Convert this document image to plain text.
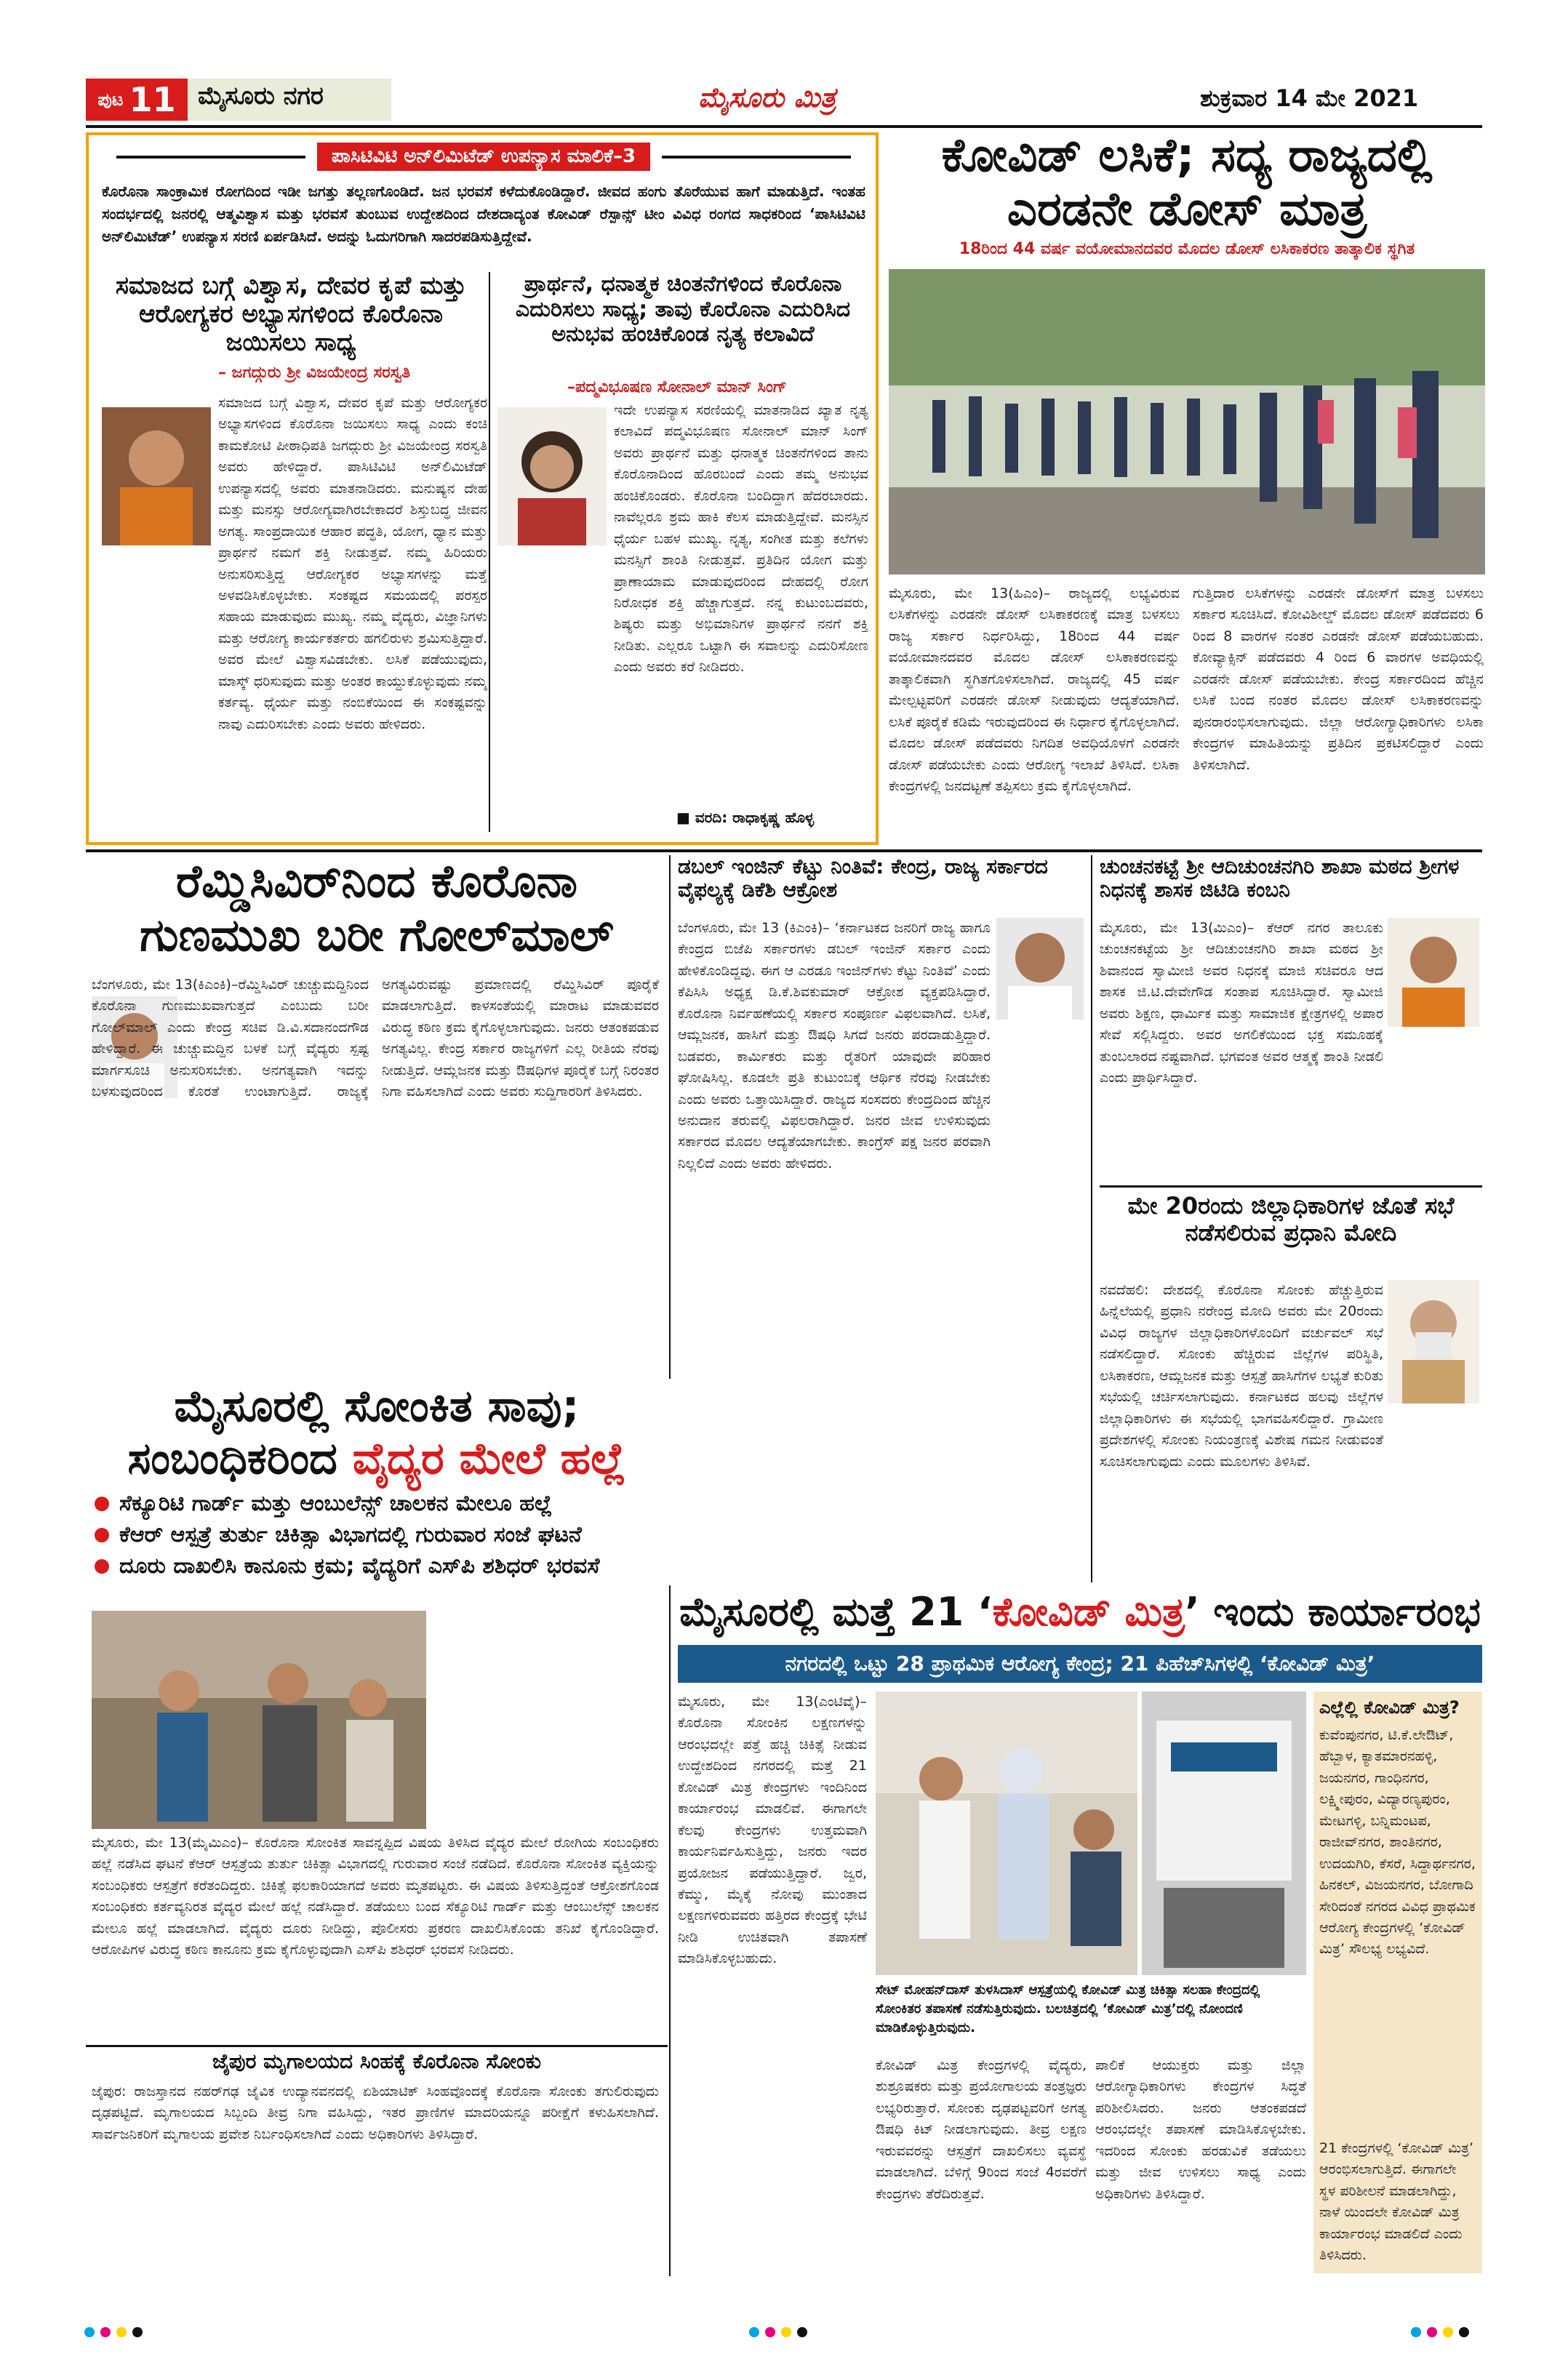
ಪುಟ 11 ಮೈಸೂರು ನಗರ	ಮೈಸೂರು ಮಿತ್ರ	ಶುಕ್ರವಾರ 14 ಮೇ 2021
ಪಾಸಿಟಿವಿಟಿ ಅನ್‌ಲಿಮಿಟೆಡ್ ಉಪನ್ಯಾಸ ಮಾಲಿಕೆ–3
ಕೊರೊನಾ ಸಾಂಕ್ರಾಮಿಕ ರೋಗದಿಂದ ಇಡೀ ಜಗತ್ತು ತಲ್ಲಣಗೊಂಡಿದೆ. ಜನ ಭರವಸೆ ಕಳೆದುಕೊಂಡಿದ್ದಾರೆ. ಜೀವದ ಹಂಗು ತೊರೆಯುವ ಹಾಗೆ ಮಾಡುತ್ತಿದೆ. ಇಂತಹ ಸಂದರ್ಭದಲ್ಲಿ ಜನರಲ್ಲಿ ಆತ್ಮವಿಶ್ವಾಸ ಮತ್ತು ಭರವಸೆ ತುಂಬುವ ಉದ್ದೇಶದಿಂದ ದೇಶದಾದ್ಯಂತ ಕೋವಿಡ್ ರೆಸ್ಪಾನ್ಸ್ ಟೀಂ ವಿವಿಧ ರಂಗದ ಸಾಧಕರಿಂದ ‘ಪಾಸಿಟಿವಿಟಿ ಅನ್‌ಲಿಮಿಟೆಡ್’ ಉಪನ್ಯಾಸ ಸರಣಿ ಏರ್ಪಡಿಸಿದೆ. ಅದನ್ನು ಓದುಗರಿಗಾಗಿ ಸಾದರಪಡಿಸುತ್ತಿದ್ದೇವೆ.
ಸಮಾಜದ ಬಗ್ಗೆ ವಿಶ್ವಾಸ, ದೇವರ ಕೃಪೆ ಮತ್ತು ಆರೋಗ್ಯಕರ ಅಭ್ಯಾಸಗಳಿಂದ ಕೊರೊನಾ ಜಯಿಸಲು ಸಾಧ್ಯ
– ಜಗದ್ಗುರು ಶ್ರೀ ವಿಜಯೇಂದ್ರ ಸರಸ್ವತಿ
ಸಮಾಜದ ಬಗ್ಗೆ ವಿಶ್ವಾಸ, ದೇವರ ಕೃಪೆ ಮತ್ತು ಆರೋಗ್ಯಕರ ಅಭ್ಯಾಸಗಳಿಂದ ಕೊರೊನಾ ಜಯಿಸಲು ಸಾಧ್ಯ ಎಂದು ಕಂಚಿ ಕಾಮಕೋಟಿ ಪೀಠಾಧಿಪತಿ ಜಗದ್ಗುರು ಶ್ರೀ ವಿಜಯೇಂದ್ರ ಸರಸ್ವತಿ ಅವರು ಹೇಳಿದ್ದಾರೆ. ಪಾಸಿಟಿವಿಟಿ ಅನ್‌ಲಿಮಿಟೆಡ್ ಉಪನ್ಯಾಸದಲ್ಲಿ ಅವರು ಮಾತನಾಡಿದರು. ಮನುಷ್ಯನ ದೇಹ ಮತ್ತು ಮನಸ್ಸು ಆರೋಗ್ಯವಾಗಿರಬೇಕಾದರೆ ಶಿಸ್ತುಬದ್ಧ ಜೀವನ ಅಗತ್ಯ. ಸಾಂಪ್ರದಾಯಿಕ ಆಹಾರ ಪದ್ಧತಿ, ಯೋಗ, ಧ್ಯಾನ ಮತ್ತು ಪ್ರಾರ್ಥನೆ ನಮಗೆ ಶಕ್ತಿ ನೀಡುತ್ತವೆ. ನಮ್ಮ ಹಿರಿಯರು ಅನುಸರಿಸುತ್ತಿದ್ದ ಆರೋಗ್ಯಕರ ಅಭ್ಯಾಸಗಳನ್ನು ಮತ್ತೆ ಅಳವಡಿಸಿಕೊಳ್ಳಬೇಕು. ಸಂಕಷ್ಟದ ಸಮಯದಲ್ಲಿ ಪರಸ್ಪರ ಸಹಾಯ ಮಾಡುವುದು ಮುಖ್ಯ. ನಮ್ಮ ವೈದ್ಯರು, ವಿಜ್ಞಾನಿಗಳು ಮತ್ತು ಆರೋಗ್ಯ ಕಾರ್ಯಕರ್ತರು ಹಗಲಿರುಳು ಶ್ರಮಿಸುತ್ತಿದ್ದಾರೆ. ಅವರ ಮೇಲೆ ವಿಶ್ವಾಸವಿಡಬೇಕು. ಲಸಿಕೆ ಪಡೆಯುವುದು, ಮಾಸ್ಕ್ ಧರಿಸುವುದು ಮತ್ತು ಅಂತರ ಕಾಯ್ದುಕೊಳ್ಳುವುದು ನಮ್ಮ ಕರ್ತವ್ಯ. ಧೈರ್ಯ ಮತ್ತು ನಂಬಿಕೆಯಿಂದ ಈ ಸಂಕಷ್ಟವನ್ನು ನಾವು ಎದುರಿಸಬೇಕು ಎಂದು ಅವರು ಹೇಳಿದರು.
ಪ್ರಾರ್ಥನೆ, ಧನಾತ್ಮಕ ಚಿಂತನೆಗಳಿಂದ ಕೊರೊನಾ ಎದುರಿಸಲು ಸಾಧ್ಯ; ತಾವು ಕೊರೊನಾ ಎದುರಿಸಿದ ಅನುಭವ ಹಂಚಿಕೊಂಡ ನೃತ್ಯ ಕಲಾವಿದೆ
–ಪದ್ಮವಿಭೂಷಣ ಸೋನಾಲ್ ಮಾನ್ ಸಿಂಗ್
ಇದೇ ಉಪನ್ಯಾಸ ಸರಣಿಯಲ್ಲಿ ಮಾತನಾಡಿದ ಖ್ಯಾತ ನೃತ್ಯ ಕಲಾವಿದೆ ಪದ್ಮವಿಭೂಷಣ ಸೋನಾಲ್ ಮಾನ್ ಸಿಂಗ್ ಅವರು ಪ್ರಾರ್ಥನೆ ಮತ್ತು ಧನಾತ್ಮಕ ಚಿಂತನೆಗಳಿಂದ ತಾನು ಕೊರೊನಾದಿಂದ ಹೊರಬಂದೆ ಎಂದು ತಮ್ಮ ಅನುಭವ ಹಂಚಿಕೊಂಡರು. ಕೊರೊನಾ ಬಂದಿದ್ದಾಗ ಹೆದರಬಾರದು. ನಾವೆಲ್ಲರೂ ಶ್ರಮ ಹಾಕಿ ಕೆಲಸ ಮಾಡುತ್ತಿದ್ದೇವೆ. ಮನಸ್ಸಿನ ಧೈರ್ಯ ಬಹಳ ಮುಖ್ಯ. ನೃತ್ಯ, ಸಂಗೀತ ಮತ್ತು ಕಲೆಗಳು ಮನಸ್ಸಿಗೆ ಶಾಂತಿ ನೀಡುತ್ತವೆ. ಪ್ರತಿದಿನ ಯೋಗ ಮತ್ತು ಪ್ರಾಣಾಯಾಮ ಮಾಡುವುದರಿಂದ ದೇಹದಲ್ಲಿ ರೋಗ ನಿರೋಧಕ ಶಕ್ತಿ ಹೆಚ್ಚಾಗುತ್ತದೆ. ನನ್ನ ಕುಟುಂಬದವರು, ಶಿಷ್ಯರು ಮತ್ತು ಅಭಿಮಾನಿಗಳ ಪ್ರಾರ್ಥನೆ ನನಗೆ ಶಕ್ತಿ ನೀಡಿತು. ಎಲ್ಲರೂ ಒಟ್ಟಾಗಿ ಈ ಸವಾಲನ್ನು ಎದುರಿಸೋಣ ಎಂದು ಅವರು ಕರೆ ನೀಡಿದರು.
■ ವರದಿ: ರಾಧಾಕೃಷ್ಣ ಹೊಳ್ಳ
ಕೋವಿಡ್ ಲಸಿಕೆ; ಸದ್ಯ ರಾಜ್ಯದಲ್ಲಿ
ಎರಡನೇ ಡೋಸ್ ಮಾತ್ರ
18ರಿಂದ 44 ವರ್ಷ ವಯೋಮಾನದವರ ಮೊದಲ ಡೋಸ್ ಲಸಿಕಾಕರಣ ತಾತ್ಕಾಲಿಕ ಸ್ಥಗಿತ
ಮೈಸೂರು, ಮೇ 13(ಹಿಎಂ)– ರಾಜ್ಯದಲ್ಲಿ ಲಭ್ಯವಿರುವ ಲಸಿಕೆಗಳನ್ನು ಎರಡನೇ ಡೋಸ್ ಲಸಿಕಾಕರಣಕ್ಕೆ ಮಾತ್ರ ಬಳಸಲು ರಾಜ್ಯ ಸರ್ಕಾರ ನಿರ್ಧರಿಸಿದ್ದು, 18ರಿಂದ 44 ವರ್ಷ ವಯೋಮಾನದವರ ಮೊದಲ ಡೋಸ್ ಲಸಿಕಾಕರಣವನ್ನು ತಾತ್ಕಾಲಿಕವಾಗಿ ಸ್ಥಗಿತಗೊಳಿಸಲಾಗಿದೆ. ರಾಜ್ಯದಲ್ಲಿ 45 ವರ್ಷ ಮೇಲ್ಪಟ್ಟವರಿಗೆ ಎರಡನೇ ಡೋಸ್ ನೀಡುವುದು ಆದ್ಯತೆಯಾಗಿದೆ. ಲಸಿಕೆ ಪೂರೈಕೆ ಕಡಿಮೆ ಇರುವುದರಿಂದ ಈ ನಿರ್ಧಾರ ಕೈಗೊಳ್ಳಲಾಗಿದೆ. ಮೊದಲ ಡೋಸ್ ಪಡೆದವರು ನಿಗದಿತ ಅವಧಿಯೊಳಗೆ ಎರಡನೇ ಡೋಸ್ ಪಡೆಯಬೇಕು ಎಂದು ಆರೋಗ್ಯ ಇಲಾಖೆ ತಿಳಿಸಿದೆ. ಲಸಿಕಾ ಕೇಂದ್ರಗಳಲ್ಲಿ ಜನದಟ್ಟಣೆ ತಪ್ಪಿಸಲು ಕ್ರಮ ಕೈಗೊಳ್ಳಲಾಗಿದೆ.
ಗುತ್ತಿದಾರ ಲಸಿಕೆಗಳನ್ನು ಎರಡನೇ ಡೋಸ್‌ಗೆ ಮಾತ್ರ ಬಳಸಲು ಸರ್ಕಾರ ಸೂಚಿಸಿದೆ. ಕೋವಿಶೀಲ್ಡ್ ಮೊದಲ ಡೋಸ್ ಪಡೆದವರು 6 ರಿಂದ 8 ವಾರಗಳ ನಂತರ ಎರಡನೇ ಡೋಸ್ ಪಡೆಯಬಹುದು. ಕೋವ್ಯಾಕ್ಸಿನ್ ಪಡೆದವರು 4 ರಿಂದ 6 ವಾರಗಳ ಅವಧಿಯಲ್ಲಿ ಎರಡನೇ ಡೋಸ್ ಪಡೆಯಬೇಕು. ಕೇಂದ್ರ ಸರ್ಕಾರದಿಂದ ಹೆಚ್ಚಿನ ಲಸಿಕೆ ಬಂದ ನಂತರ ಮೊದಲ ಡೋಸ್ ಲಸಿಕಾಕರಣವನ್ನು ಪುನರಾರಂಭಿಸಲಾಗುವುದು. ಜಿಲ್ಲಾ ಆರೋಗ್ಯಾಧಿಕಾರಿಗಳು ಲಸಿಕಾ ಕೇಂದ್ರಗಳ ಮಾಹಿತಿಯನ್ನು ಪ್ರತಿದಿನ ಪ್ರಕಟಿಸಲಿದ್ದಾರೆ ಎಂದು ತಿಳಿಸಲಾಗಿದೆ.
ರೆಮ್ಡಿಸಿವಿರ್‌ನಿಂದ ಕೊರೊನಾ
ಗುಣಮುಖ ಬರೀ ಗೋಲ್‌ಮಾಲ್
ಬೆಂಗಳೂರು, ಮೇ 13(ಕಿಎಂಕಿ)–ರೆಮ್ಡಿಸಿವಿರ್ ಚುಚ್ಚುಮದ್ದಿನಿಂದ ಕೊರೊನಾ ಗುಣಮುಖವಾಗುತ್ತದೆ ಎಂಬುದು ಬರೀ ಗೋಲ್‌ಮಾಲ್ ಎಂದು ಕೇಂದ್ರ ಸಚಿವ ಡಿ.ವಿ.ಸದಾನಂದಗೌಡ ಹೇಳಿದ್ದಾರೆ. ಈ ಚುಚ್ಚುಮದ್ದಿನ ಬಳಕೆ ಬಗ್ಗೆ ವೈದ್ಯರು ಸ್ಪಷ್ಟ ಮಾರ್ಗಸೂಚಿ ಅನುಸರಿಸಬೇಕು. ಅನಗತ್ಯವಾಗಿ ಇದನ್ನು ಬಳಸುವುದರಿಂದ ಕೊರತೆ ಉಂಟಾಗುತ್ತಿದೆ. ರಾಜ್ಯಕ್ಕೆ ಅಗತ್ಯವಿರುವಷ್ಟು ಪ್ರಮಾಣದಲ್ಲಿ ರೆಮ್ಡಿಸಿವಿರ್ ಪೂರೈಕೆ ಮಾಡಲಾಗುತ್ತಿದೆ. ಕಾಳಸಂತೆಯಲ್ಲಿ ಮಾರಾಟ ಮಾಡುವವರ ವಿರುದ್ಧ ಕಠಿಣ ಕ್ರಮ ಕೈಗೊಳ್ಳಲಾಗುವುದು. ಜನರು ಆತಂಕಪಡುವ ಅಗತ್ಯವಿಲ್ಲ. ಕೇಂದ್ರ ಸರ್ಕಾರ ರಾಜ್ಯಗಳಿಗೆ ಎಲ್ಲ ರೀತಿಯ ನೆರವು ನೀಡುತ್ತಿದೆ. ಆಮ್ಲಜನಕ ಮತ್ತು ಔಷಧಿಗಳ ಪೂರೈಕೆ ಬಗ್ಗೆ ನಿರಂತರ ನಿಗಾ ವಹಿಸಲಾಗಿದೆ ಎಂದು ಅವರು ಸುದ್ದಿಗಾರರಿಗೆ ತಿಳಿಸಿದರು.
ಡಬಲ್ ಇಂಜಿನ್ ಕೆಟ್ಟು ನಿಂತಿವೆ: ಕೇಂದ್ರ, ರಾಜ್ಯ ಸರ್ಕಾರದ ವೈಫಲ್ಯಕ್ಕೆ ಡಿಕೆಶಿ ಆಕ್ರೋಶ
ಬೆಂಗಳೂರು, ಮೇ 13 (ಕಿಎಂಕಿ)– ‘ಕರ್ನಾಟಕದ ಜನರಿಗೆ ರಾಜ್ಯ ಹಾಗೂ ಕೇಂದ್ರದ ಬಿಜೆಪಿ ಸರ್ಕಾರಗಳು ಡಬಲ್ ಇಂಜಿನ್ ಸರ್ಕಾರ ಎಂದು ಹೇಳಿಕೊಂಡಿದ್ದವು. ಈಗ ಆ ಎರಡೂ ಇಂಜಿನ್‌ಗಳು ಕೆಟ್ಟು ನಿಂತಿವೆ’ ಎಂದು ಕೆಪಿಸಿಸಿ ಅಧ್ಯಕ್ಷ ಡಿ.ಕೆ.ಶಿವಕುಮಾರ್ ಆಕ್ರೋಶ ವ್ಯಕ್ತಪಡಿಸಿದ್ದಾರೆ. ಕೊರೊನಾ ನಿರ್ವಹಣೆಯಲ್ಲಿ ಸರ್ಕಾರ ಸಂಪೂರ್ಣ ವಿಫಲವಾಗಿದೆ. ಲಸಿಕೆ, ಆಮ್ಲಜನಕ, ಹಾಸಿಗೆ ಮತ್ತು ಔಷಧಿ ಸಿಗದೆ ಜನರು ಪರದಾಡುತ್ತಿದ್ದಾರೆ. ಬಡವರು, ಕಾರ್ಮಿಕರು ಮತ್ತು ರೈತರಿಗೆ ಯಾವುದೇ ಪರಿಹಾರ ಘೋಷಿಸಿಲ್ಲ. ಕೂಡಲೇ ಪ್ರತಿ ಕುಟುಂಬಕ್ಕೆ ಆರ್ಥಿಕ ನೆರವು ನೀಡಬೇಕು ಎಂದು ಅವರು ಒತ್ತಾಯಿಸಿದ್ದಾರೆ. ರಾಜ್ಯದ ಸಂಸದರು ಕೇಂದ್ರದಿಂದ ಹೆಚ್ಚಿನ ಅನುದಾನ ತರುವಲ್ಲಿ ವಿಫಲರಾಗಿದ್ದಾರೆ. ಜನರ ಜೀವ ಉಳಿಸುವುದು ಸರ್ಕಾರದ ಮೊದಲ ಆದ್ಯತೆಯಾಗಬೇಕು. ಕಾಂಗ್ರೆಸ್ ಪಕ್ಷ ಜನರ ಪರವಾಗಿ ನಿಲ್ಲಲಿದೆ ಎಂದು ಅವರು ಹೇಳಿದರು.
ಚುಂಚನಕಟ್ಟೆ ಶ್ರೀ ಆದಿಚುಂಚನಗಿರಿ ಶಾಖಾ ಮಠದ ಶ್ರೀಗಳ ನಿಧನಕ್ಕೆ ಶಾಸಕ ಜಿಟಿಡಿ ಕಂಬನಿ
ಮೈಸೂರು, ಮೇ 13(ಮಿಎಂ)– ಕೆಆರ್ ನಗರ ತಾಲೂಕು ಚುಂಚನಕಟ್ಟೆಯ ಶ್ರೀ ಆದಿಚುಂಚನಗಿರಿ ಶಾಖಾ ಮಠದ ಶ್ರೀ ಶಿವಾನಂದ ಸ್ವಾಮೀಜಿ ಅವರ ನಿಧನಕ್ಕೆ ಮಾಜಿ ಸಚಿವರೂ ಆದ ಶಾಸಕ ಜಿ.ಟಿ.ದೇವೇಗೌಡ ಸಂತಾಪ ಸೂಚಿಸಿದ್ದಾರೆ. ಸ್ವಾಮೀಜಿ ಅವರು ಶಿಕ್ಷಣ, ಧಾರ್ಮಿಕ ಮತ್ತು ಸಾಮಾಜಿಕ ಕ್ಷೇತ್ರಗಳಲ್ಲಿ ಅಪಾರ ಸೇವೆ ಸಲ್ಲಿಸಿದ್ದರು. ಅವರ ಅಗಲಿಕೆಯಿಂದ ಭಕ್ತ ಸಮೂಹಕ್ಕೆ ತುಂಬಲಾರದ ನಷ್ಟವಾಗಿದೆ. ಭಗವಂತ ಅವರ ಆತ್ಮಕ್ಕೆ ಶಾಂತಿ ನೀಡಲಿ ಎಂದು ಪ್ರಾರ್ಥಿಸಿದ್ದಾರೆ.
ಮೇ 20ರಂದು ಜಿಲ್ಲಾಧಿಕಾರಿಗಳ ಜೊತೆ ಸಭೆ ನಡೆಸಲಿರುವ ಪ್ರಧಾನಿ ಮೋದಿ
ನವದೆಹಲಿ: ದೇಶದಲ್ಲಿ ಕೊರೊನಾ ಸೋಂಕು ಹೆಚ್ಚುತ್ತಿರುವ ಹಿನ್ನೆಲೆಯಲ್ಲಿ ಪ್ರಧಾನಿ ನರೇಂದ್ರ ಮೋದಿ ಅವರು ಮೇ 20ರಂದು ವಿವಿಧ ರಾಜ್ಯಗಳ ಜಿಲ್ಲಾಧಿಕಾರಿಗಳೊಂದಿಗೆ ವರ್ಚುವಲ್ ಸಭೆ ನಡೆಸಲಿದ್ದಾರೆ. ಸೋಂಕು ಹೆಚ್ಚಿರುವ ಜಿಲ್ಲೆಗಳ ಪರಿಸ್ಥಿತಿ, ಲಸಿಕಾಕರಣ, ಆಮ್ಲಜನಕ ಮತ್ತು ಆಸ್ಪತ್ರೆ ಹಾಸಿಗೆಗಳ ಲಭ್ಯತೆ ಕುರಿತು ಸಭೆಯಲ್ಲಿ ಚರ್ಚಿಸಲಾಗುವುದು. ಕರ್ನಾಟಕದ ಹಲವು ಜಿಲ್ಲೆಗಳ ಜಿಲ್ಲಾಧಿಕಾರಿಗಳು ಈ ಸಭೆಯಲ್ಲಿ ಭಾಗವಹಿಸಲಿದ್ದಾರೆ. ಗ್ರಾಮೀಣ ಪ್ರದೇಶಗಳಲ್ಲಿ ಸೋಂಕು ನಿಯಂತ್ರಣಕ್ಕೆ ವಿಶೇಷ ಗಮನ ನೀಡುವಂತೆ ಸೂಚಿಸಲಾಗುವುದು ಎಂದು ಮೂಲಗಳು ತಿಳಿಸಿವೆ.
ಮೈಸೂರಲ್ಲಿ ಸೋಂಕಿತ ಸಾವು;
ಸಂಬಂಧಿಕರಿಂದ ವೈದ್ಯರ ಮೇಲೆ ಹಲ್ಲೆ
ಸೆಕ್ಯೂರಿಟಿ ಗಾರ್ಡ್ ಮತ್ತು ಆಂಬುಲೆನ್ಸ್ ಚಾಲಕನ ಮೇಲೂ ಹಲ್ಲೆ
ಕೆಆರ್ ಆಸ್ಪತ್ರೆ ತುರ್ತು ಚಿಕಿತ್ಸಾ ವಿಭಾಗದಲ್ಲಿ ಗುರುವಾರ ಸಂಜೆ ಘಟನೆ
ದೂರು ದಾಖಲಿಸಿ ಕಾನೂನು ಕ್ರಮ; ವೈದ್ಯರಿಗೆ ಎಸ್‌ಪಿ ಶಶಿಧರ್ ಭರವಸೆ
ಮೈಸೂರು, ಮೇ 13(ಮೈಮಿಎಂ)– ಕೊರೊನಾ ಸೋಂಕಿತ ಸಾವನ್ನಪ್ಪಿದ ವಿಷಯ ತಿಳಿಸಿದ ವೈದ್ಯರ ಮೇಲೆ ರೋಗಿಯ ಸಂಬಂಧಿಕರು ಹಲ್ಲೆ ನಡೆಸಿದ ಘಟನೆ ಕೆಆರ್ ಆಸ್ಪತ್ರೆಯ ತುರ್ತು ಚಿಕಿತ್ಸಾ ವಿಭಾಗದಲ್ಲಿ ಗುರುವಾರ ಸಂಜೆ ನಡೆದಿದೆ. ಕೊರೊನಾ ಸೋಂಕಿತ ವ್ಯಕ್ತಿಯನ್ನು ಸಂಬಂಧಿಕರು ಆಸ್ಪತ್ರೆಗೆ ಕರೆತಂದಿದ್ದರು. ಚಿಕಿತ್ಸೆ ಫಲಕಾರಿಯಾಗದೆ ಅವರು ಮೃತಪಟ್ಟರು. ಈ ವಿಷಯ ತಿಳಿಸುತ್ತಿದ್ದಂತೆ ಆಕ್ರೋಶಗೊಂಡ ಸಂಬಂಧಿಕರು ಕರ್ತವ್ಯನಿರತ ವೈದ್ಯರ ಮೇಲೆ ಹಲ್ಲೆ ನಡೆಸಿದ್ದಾರೆ. ತಡೆಯಲು ಬಂದ ಸೆಕ್ಯೂರಿಟಿ ಗಾರ್ಡ್ ಮತ್ತು ಆಂಬುಲೆನ್ಸ್ ಚಾಲಕನ ಮೇಲೂ ಹಲ್ಲೆ ಮಾಡಲಾಗಿದೆ. ವೈದ್ಯರು ದೂರು ನೀಡಿದ್ದು, ಪೊಲೀಸರು ಪ್ರಕರಣ ದಾಖಲಿಸಿಕೊಂಡು ತನಿಖೆ ಕೈಗೊಂಡಿದ್ದಾರೆ. ಆರೋಪಿಗಳ ವಿರುದ್ಧ ಕಠಿಣ ಕಾನೂನು ಕ್ರಮ ಕೈಗೊಳ್ಳುವುದಾಗಿ ಎಸ್‌ಪಿ ಶಶಿಧರ್ ಭರವಸೆ ನೀಡಿದರು.
ಜೈಪುರ ಮೃಗಾಲಯದ ಸಿಂಹಕ್ಕೆ ಕೊರೊನಾ ಸೋಂಕು
ಜೈಪುರ: ರಾಜಸ್ತಾನದ ನಹರ್‌ಗಢ ಜೈವಿಕ ಉದ್ಯಾನವನದಲ್ಲಿ ಏಶಿಯಾಟಿಕ್ ಸಿಂಹವೊಂದಕ್ಕೆ ಕೊರೊನಾ ಸೋಂಕು ತಗುಲಿರುವುದು ದೃಢಪಟ್ಟಿದೆ. ಮೃಗಾಲಯದ ಸಿಬ್ಬಂದಿ ತೀವ್ರ ನಿಗಾ ವಹಿಸಿದ್ದು, ಇತರ ಪ್ರಾಣಿಗಳ ಮಾದರಿಯನ್ನೂ ಪರೀಕ್ಷೆಗೆ ಕಳುಹಿಸಲಾಗಿದೆ. ಸಾರ್ವಜನಿಕರಿಗೆ ಮೃಗಾಲಯ ಪ್ರವೇಶ ನಿರ್ಬಂಧಿಸಲಾಗಿದೆ ಎಂದು ಅಧಿಕಾರಿಗಳು ತಿಳಿಸಿದ್ದಾರೆ.
ಮೈಸೂರಲ್ಲಿ ಮತ್ತೆ 21 ‘ಕೋವಿಡ್ ಮಿತ್ರ’ ಇಂದು ಕಾರ್ಯಾರಂಭ
ನಗರದಲ್ಲಿ ಒಟ್ಟು 28 ಪ್ರಾಥಮಿಕ ಆರೋಗ್ಯ ಕೇಂದ್ರ; 21 ಪಿಹೆಚ್‌ಸಿಗಳಲ್ಲಿ ‘ಕೋವಿಡ್ ಮಿತ್ರ’
ಮೈಸೂರು, ಮೇ 13(ಎಂಟಿವೈ)– ಕೊರೊನಾ ಸೋಂಕಿನ ಲಕ್ಷಣಗಳನ್ನು ಆರಂಭದಲ್ಲೇ ಪತ್ತೆ ಹಚ್ಚಿ ಚಿಕಿತ್ಸೆ ನೀಡುವ ಉದ್ದೇಶದಿಂದ ನಗರದಲ್ಲಿ ಮತ್ತೆ 21 ಕೋವಿಡ್ ಮಿತ್ರ ಕೇಂದ್ರಗಳು ಇಂದಿನಿಂದ ಕಾರ್ಯಾರಂಭ ಮಾಡಲಿವೆ. ಈಗಾಗಲೇ ಕೆಲವು ಕೇಂದ್ರಗಳು ಉತ್ತಮವಾಗಿ ಕಾರ್ಯನಿರ್ವಹಿಸುತ್ತಿದ್ದು, ಜನರು ಇದರ ಪ್ರಯೋಜನ ಪಡೆಯುತ್ತಿದ್ದಾರೆ. ಜ್ವರ, ಕೆಮ್ಮು, ಮೈಕೈ ನೋವು ಮುಂತಾದ ಲಕ್ಷಣಗಳಿರುವವರು ಹತ್ತಿರದ ಕೇಂದ್ರಕ್ಕೆ ಭೇಟಿ ನೀಡಿ ಉಚಿತವಾಗಿ ತಪಾಸಣೆ ಮಾಡಿಸಿಕೊಳ್ಳಬಹುದು.
ಸೇಟ್ ಮೋಹನ್‌ದಾಸ್ ತುಳಸಿದಾಸ್ ಆಸ್ಪತ್ರೆಯಲ್ಲಿ ಕೋವಿಡ್ ಮಿತ್ರ ಚಿಕಿತ್ಸಾ ಸಲಹಾ ಕೇಂದ್ರದಲ್ಲಿ ಸೋಂಕಿತರ ತಪಾಸಣೆ ನಡೆಸುತ್ತಿರುವುದು. ಬಲಚಿತ್ರದಲ್ಲಿ ‘ಕೋವಿಡ್ ಮಿತ್ರ’ದಲ್ಲಿ ನೋಂದಣಿ ಮಾಡಿಕೊಳ್ಳುತ್ತಿರುವುದು.
ಕೋವಿಡ್ ಮಿತ್ರ ಕೇಂದ್ರಗಳಲ್ಲಿ ವೈದ್ಯರು, ಶುಶ್ರೂಷಕರು ಮತ್ತು ಪ್ರಯೋಗಾಲಯ ತಂತ್ರಜ್ಞರು ಲಭ್ಯರಿರುತ್ತಾರೆ. ಸೋಂಕು ದೃಢಪಟ್ಟವರಿಗೆ ಅಗತ್ಯ ಔಷಧಿ ಕಿಟ್ ನೀಡಲಾಗುವುದು. ತೀವ್ರ ಲಕ್ಷಣ ಇರುವವರನ್ನು ಆಸ್ಪತ್ರೆಗೆ ದಾಖಲಿಸಲು ವ್ಯವಸ್ಥೆ ಮಾಡಲಾಗಿದೆ. ಬೆಳಿಗ್ಗೆ 9ರಿಂದ ಸಂಜೆ 4ರವರೆಗೆ ಕೇಂದ್ರಗಳು ತೆರೆದಿರುತ್ತವೆ.
ಪಾಲಿಕೆ ಆಯುಕ್ತರು ಮತ್ತು ಜಿಲ್ಲಾ ಆರೋಗ್ಯಾಧಿಕಾರಿಗಳು ಕೇಂದ್ರಗಳ ಸಿದ್ಧತೆ ಪರಿಶೀಲಿಸಿದರು. ಜನರು ಆತಂಕಪಡದೆ ಆರಂಭದಲ್ಲೇ ತಪಾಸಣೆ ಮಾಡಿಸಿಕೊಳ್ಳಬೇಕು. ಇದರಿಂದ ಸೋಂಕು ಹರಡುವಿಕೆ ತಡೆಯಲು ಮತ್ತು ಜೀವ ಉಳಿಸಲು ಸಾಧ್ಯ ಎಂದು ಅಧಿಕಾರಿಗಳು ತಿಳಿಸಿದ್ದಾರೆ.
ಎಲ್ಲೆಲ್ಲಿ ಕೋವಿಡ್ ಮಿತ್ರ?
ಕುವೆಂಪುನಗರ, ಟಿ.ಕೆ.ಲೇಔಟ್, ಹೆಬ್ಬಾಳ, ಕ್ಯಾತಮಾರನಹಳ್ಳಿ, ಜಯನಗರ, ಗಾಂಧಿನಗರ, ಲಕ್ಷ್ಮೀಪುರಂ, ವಿದ್ಯಾರಣ್ಯಪುರಂ, ಮೇಟಗಳ್ಳಿ, ಬನ್ನಿಮಂಟಪ, ರಾಜೀವ್‌ನಗರ, ಶಾಂತಿನಗರ, ಉದಯಗಿರಿ, ಕೆಸರೆ, ಸಿದ್ದಾರ್ಥನಗರ, ಹಿನಕಲ್, ವಿಜಯನಗರ, ಬೋಗಾದಿ ಸೇರಿದಂತೆ ನಗರದ ವಿವಿಧ ಪ್ರಾಥಮಿಕ ಆರೋಗ್ಯ ಕೇಂದ್ರಗಳಲ್ಲಿ ‘ಕೋವಿಡ್ ಮಿತ್ರ’ ಸೌಲಭ್ಯ ಲಭ್ಯವಿದೆ.
21 ಕೇಂದ್ರಗಳಲ್ಲಿ ‘ಕೋವಿಡ್ ಮಿತ್ರ’ ಆರಂಭಿಸಲಾಗುತ್ತಿದೆ. ಈಗಾಗಲೇ ಸ್ಥಳ ಪರಿಶೀಲನೆ ಮಾಡಲಾಗಿದ್ದು, ನಾಳೆ ಯಿಂದಲೇ ಕೋವಿಡ್ ಮಿತ್ರ ಕಾರ್ಯಾರಂಭ ಮಾಡಲಿದೆ ಎಂದು ತಿಳಿಸಿದರು.
